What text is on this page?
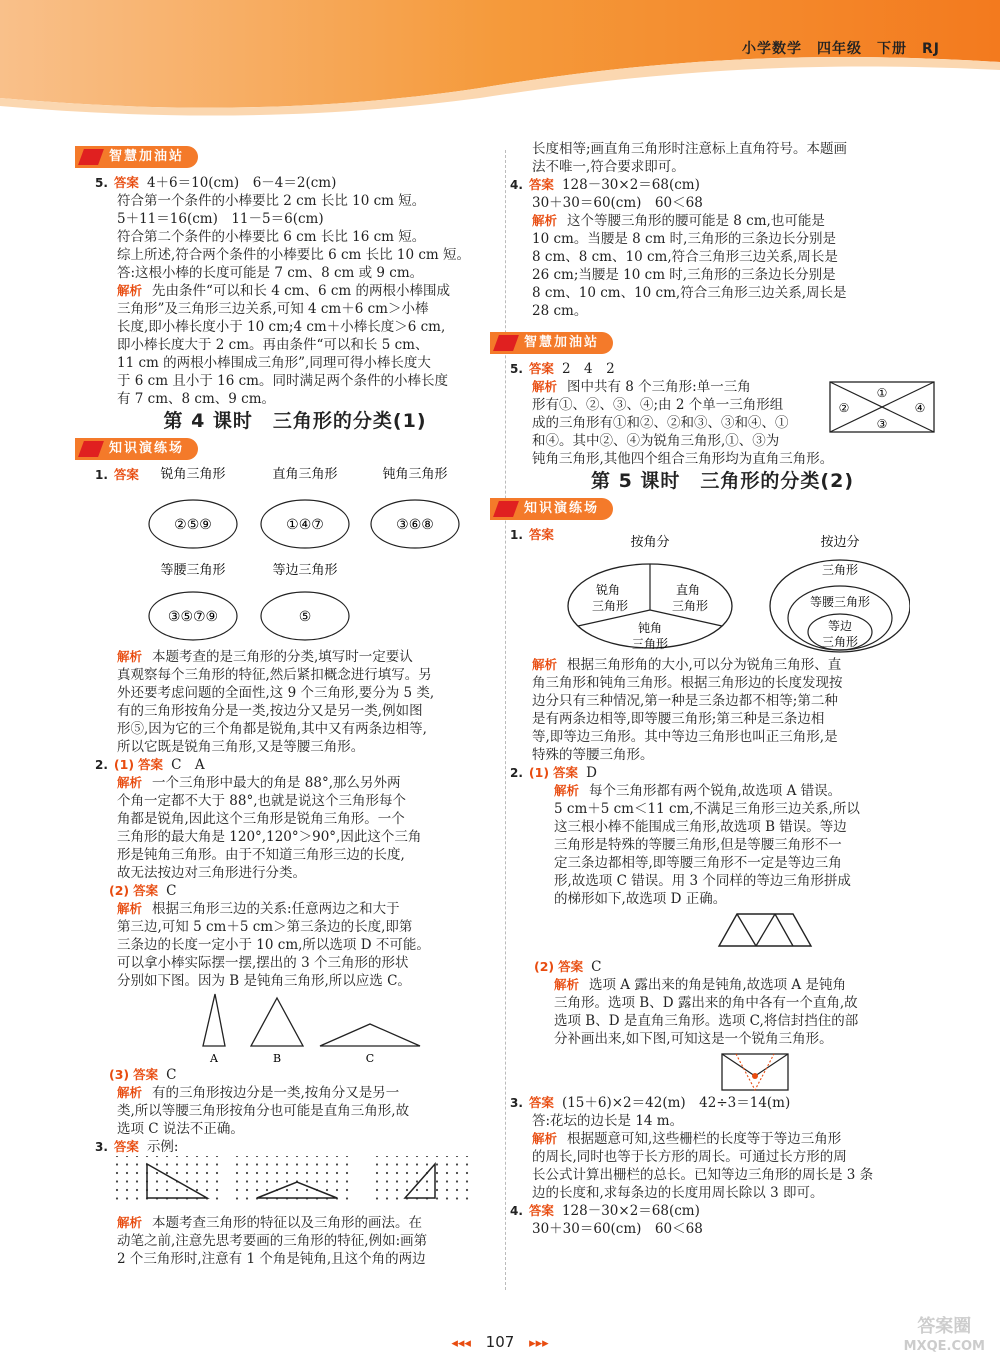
小学数学　四年级　下册　RJ
智慧加油站
5. 答案 4＋6＝10(cm)　6－4＝2(cm)
符合第一个条件的小棒要比 2 cm 长比 10 cm 短。
5＋11＝16(cm)　11－5＝6(cm)
符合第二个条件的小棒要比 6 cm 长比 16 cm 短。
综上所述,符合两个条件的小棒要比 6 cm 长比 10 cm 短。
答:这根小棒的长度可能是 7 cm、8 cm 或 9 cm。
解析 先由条件“可以和长 4 cm、6 cm 的两根小棒围成
三角形”及三角形三边关系,可知 4 cm＋6 cm＞小棒
长度,即小棒长度小于 10 cm;4 cm＋小棒长度＞6 cm,
即小棒长度大于 2 cm。再由条件“可以和长 5 cm、
11 cm 的两根小棒围成三角形”,同理可得小棒长度大
于 6 cm 且小于 16 cm。同时满足两个条件的小棒长度
有 7 cm、8 cm、9 cm。
第 4 课时　三角形的分类(1)
知识演练场
1. 答案 锐角三角形
②⑤⑨
直角三角形
①④⑦
钝角三角形
③⑥⑧
等腰三角形
③⑤⑦⑨
等边三角形
⑤
解析 本题考查的是三角形的分类,填写时一定要认
真观察每个三角形的特征,然后紧扣概念进行填写。另
外还要考虑问题的全面性,这 9 个三角形,要分为 5 类,
有的三角形按角分是一类,按边分又是另一类,例如图
形⑤,因为它的三个角都是锐角,其中又有两条边相等,
所以它既是锐角三角形,又是等腰三角形。
2. (1) 答案 C　A
解析 一个三角形中最大的角是 88°,那么另外两
个角一定都不大于 88°,也就是说这个三角形每个
角都是锐角,因此这个三角形是锐角三角形。一个
三角形的最大角是 120°,120°＞90°,因此这个三角
形是钝角三角形。由于不知道三角形三边的长度,
故无法按边对三角形进行分类。
(2) 答案 C
解析 根据三角形三边的关系:任意两边之和大于
第三边,可知 5 cm＋5 cm＞第三条边的长度,即第
三条边的长度一定小于 10 cm,所以选项 D 不可能。
可以拿小棒实际摆一摆,摆出的 3 个三角形的形状
分别如下图。因为 B 是钝角三角形,所以应选 C。
A	B	C
(3) 答案 C
解析 有的三角形按边分是一类,按角分又是另一
类,所以等腰三角形按角分也可能是直角三角形,故
选项 C 说法不正确。
3. 答案 示例:
解析 本题考查三角形的特征以及三角形的画法。在
动笔之前,注意先思考要画的三角形的特征,例如:画第
2 个三角形时,注意有 1 个角是钝角,且这个角的两边
长度相等;画直角三角形时注意标上直角符号。本题画
法不唯一,符合要求即可。
4. 答案 128－30×2＝68(cm)
30＋30＝60(cm)　60＜68
解析 这个等腰三角形的腰可能是 8 cm,也可能是
10 cm。当腰是 8 cm 时,三角形的三条边长分别是
8 cm、8 cm、10 cm,符合三角形三边关系,周长是
26 cm;当腰是 10 cm 时,三角形的三条边长分别是
8 cm、10 cm、10 cm,符合三角形三边关系,周长是
28 cm。
智慧加油站
5. 答案 2　4　2
解析 图中共有 8 个三角形:单一三角	①
②
③
④
形有①、②、③、④;由 2 个单一三角形组
成的三角形有①和②、②和③、③和④、①
和④。其中②、④为锐角三角形,①、③为
钝角三角形,其他四个组合三角形均为直角三角形。
第 5 课时　三角形的分类(2)
知识演练场
1. 答案
按角分
锐角
三角形
直角
三角形
钝角
三角形
按边分
三角形
等腰三角形
等边
三角形
解析 根据三角形角的大小,可以分为锐角三角形、直
角三角形和钝角三角形。根据三角形边的长度发现按
边分只有三种情况,第一种是三条边都不相等;第二种
是有两条边相等,即等腰三角形;第三种是三条边相
等,即等边三角形。其中等边三角形也叫正三角形,是
特殊的等腰三角形。
2. (1) 答案 D
解析 每个三角形都有两个锐角,故选项 A 错误。
5 cm＋5 cm＜11 cm,不满足三角形三边关系,所以
这三根小棒不能围成三角形,故选项 B 错误。等边
三角形是特殊的等腰三角形,但是等腰三角形不一
定三条边都相等,即等腰三角形不一定是等边三角
形,故选项 C 错误。用 3 个同样的等边三角形拼成
的梯形如下,故选项 D 正确。
(2) 答案 C
解析 选项 A 露出来的角是钝角,故选项 A 是钝角
三角形。选项 B、D 露出来的角中各有一个直角,故
选项 B、D 是直角三角形。选项 C,将信封挡住的部
分补画出来,如下图,可知这是一个锐角三角形。
3. 答案 (15＋6)×2＝42(m)　42÷3＝14(m)
答:花坛的边长是 14 m。
解析 根据题意可知,这些栅栏的长度等于等边三角形
的周长,同时也等于长方形的周长。可通过长方形的周
长公式计算出栅栏的总长。已知等边三角形的周长是 3 条
边的长度和,求每条边的长度用周长除以 3 即可。
4. 答案 128－30×2＝68(cm)
30＋30＝60(cm)　60＜68
◂◂◂ 107 ▸▸▸
答案圈
MXQE.COM
